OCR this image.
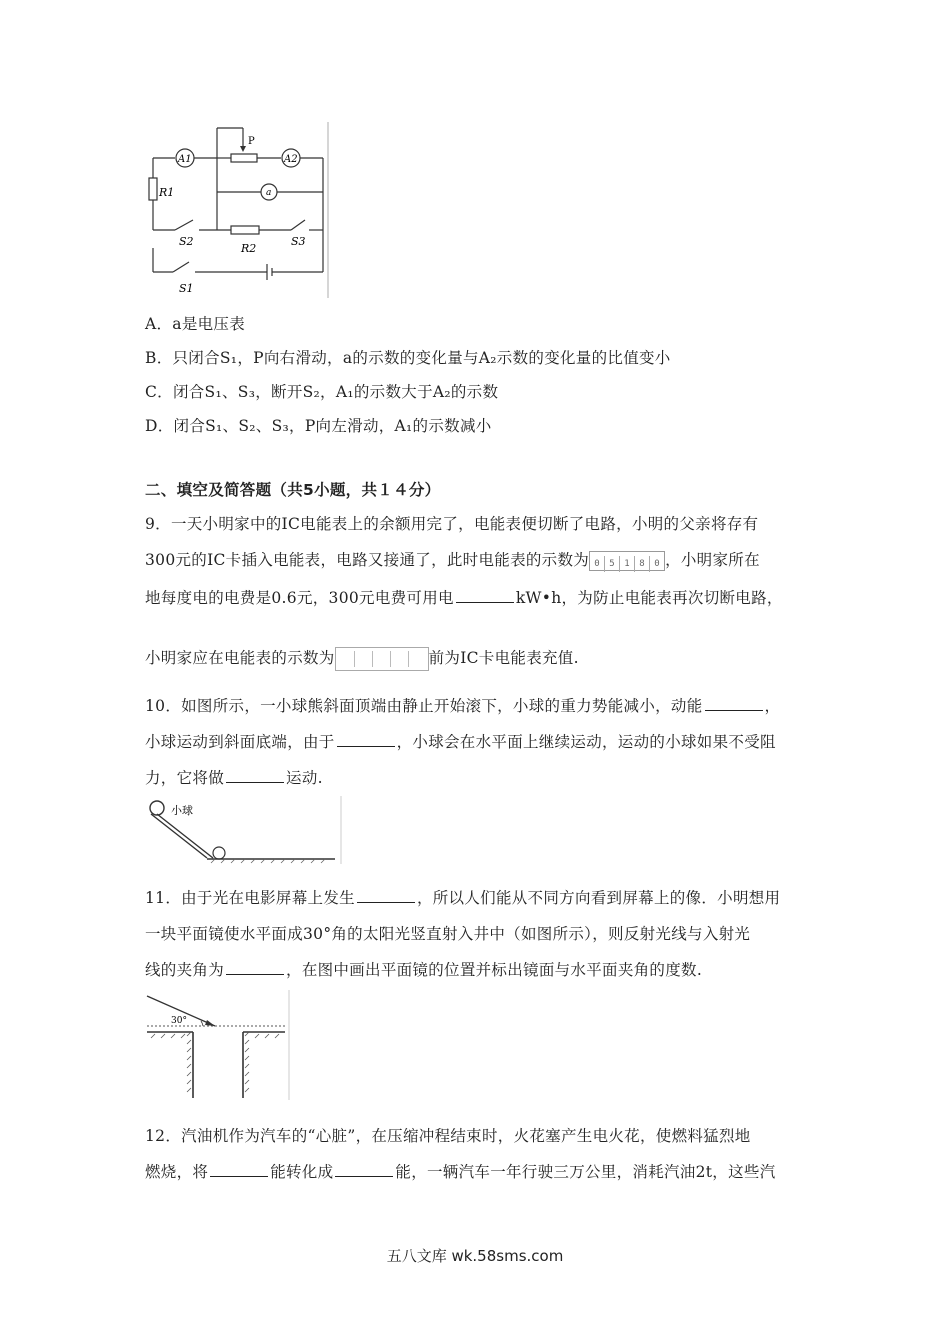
A1	A2
P
a
R1
R2
S2	S3
S1
A．a是电压表
B．只闭合S₁，P向右滑动，a的示数的变化量与A₂示数的变化量的比值变小
C．闭合S₁、S₃，断开S₂，A₁的示数大于A₂的示数
D．闭合S₁、S₂、S₃，P向左滑动，A₁的示数减小
二、填空及简答题（共5小题，共１４分）
9．一天小明家中的IC电能表上的余额用完了，电能表便切断了电路，小明的父亲将存有
300元的IC卡插入电能表，电路又接通了，此时电能表的示数为 0 5 1 8 0 ，小明家所在
地每度电的电费是0.6元，300元电费可用电	kW•h，为防止电能表再次切断电路，
小明家应在电能表的示数为	前为IC卡电能表充值.
10．如图所示，一小球熊斜面顶端由静止开始滚下，小球的重力势能减小，动能	，
小球运动到斜面底端，由于	，小球会在水平面上继续运动，运动的小球如果不受阻
力，它将做	运动.
小球
11．由于光在电影屏幕上发生	，所以人们能从不同方向看到屏幕上的像．小明想用
一块平面镜使水平面成30°角的太阳光竖直射入井中（如图所示），则反射光线与入射光
线的夹角为	，在图中画出平面镜的位置并标出镜面与水平面夹角的度数.
30°
12．汽油机作为汽车的“心脏”，在压缩冲程结束时，火花塞产生电火花，使燃料猛烈地
燃烧，将	能转化成	能，一辆汽车一年行驶三万公里，消耗汽油2t，这些汽
五八文库 wk.58sms.com
